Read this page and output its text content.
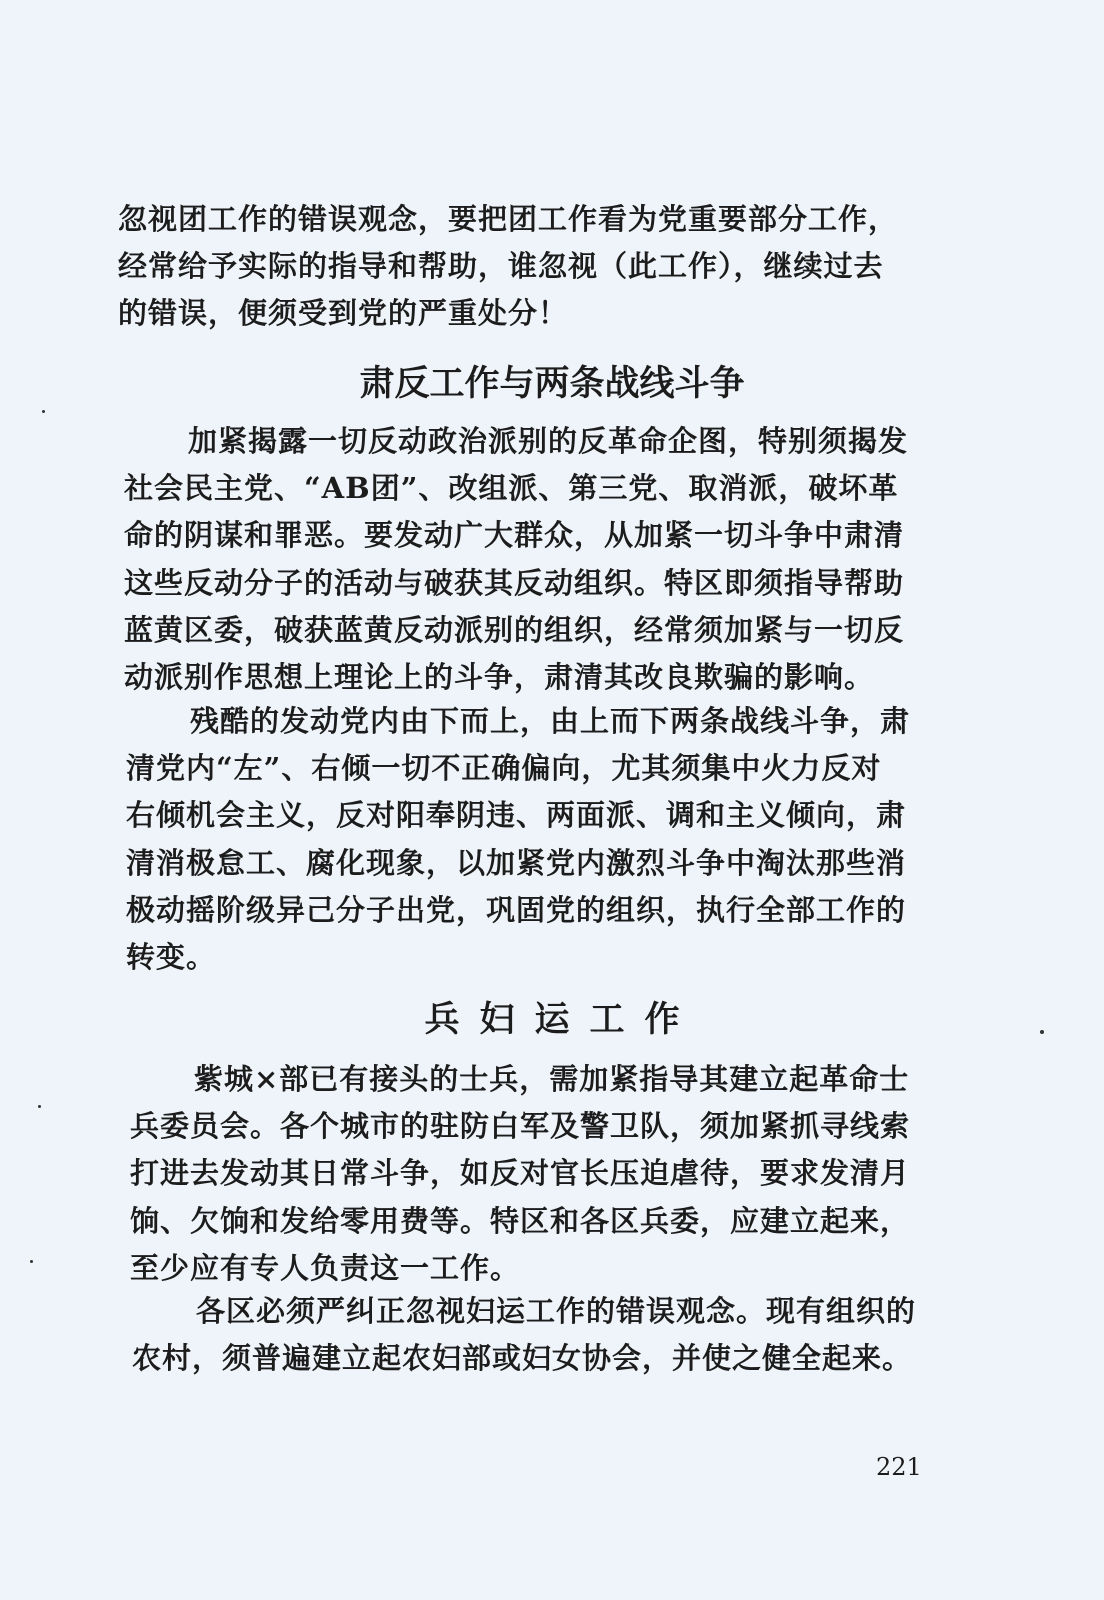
忽视团工作的错误观念，要把团工作看为党重要部分工作，
经常给予实际的指导和帮助，谁忽视（此工作），继续过去
的错误，便须受到党的严重处分！
肃反工作与两条战线斗争
加紧揭露一切反动政治派别的反革命企图，特别须揭发
社会民主党、“AB团”、改组派、第三党、取消派，破坏革
命的阴谋和罪恶。要发动广大群众，从加紧一切斗争中肃清
这些反动分子的活动与破获其反动组织。特区即须指导帮助
蓝黄区委，破获蓝黄反动派别的组织，经常须加紧与一切反
动派别作思想上理论上的斗争，肃清其改良欺骗的影响。
残酷的发动党内由下而上，由上而下两条战线斗争，肃
清党内“左”、右倾一切不正确偏向，尤其须集中火力反对
右倾机会主义，反对阳奉阴违、两面派、调和主义倾向，肃
清消极怠工、腐化现象，以加紧党内激烈斗争中淘汰那些消
极动摇阶级异己分子出党，巩固党的组织，执行全部工作的
转变。
兵妇运工作
紫城×部已有接头的士兵，需加紧指导其建立起革命士
兵委员会。各个城市的驻防白军及警卫队，须加紧抓寻线索
打进去发动其日常斗争，如反对官长压迫虐待，要求发清月
饷、欠饷和发给零用费等。特区和各区兵委，应建立起来，
至少应有专人负责这一工作。
各区必须严纠正忽视妇运工作的错误观念。现有组织的
农村，须普遍建立起农妇部或妇女协会，并使之健全起来。
221
